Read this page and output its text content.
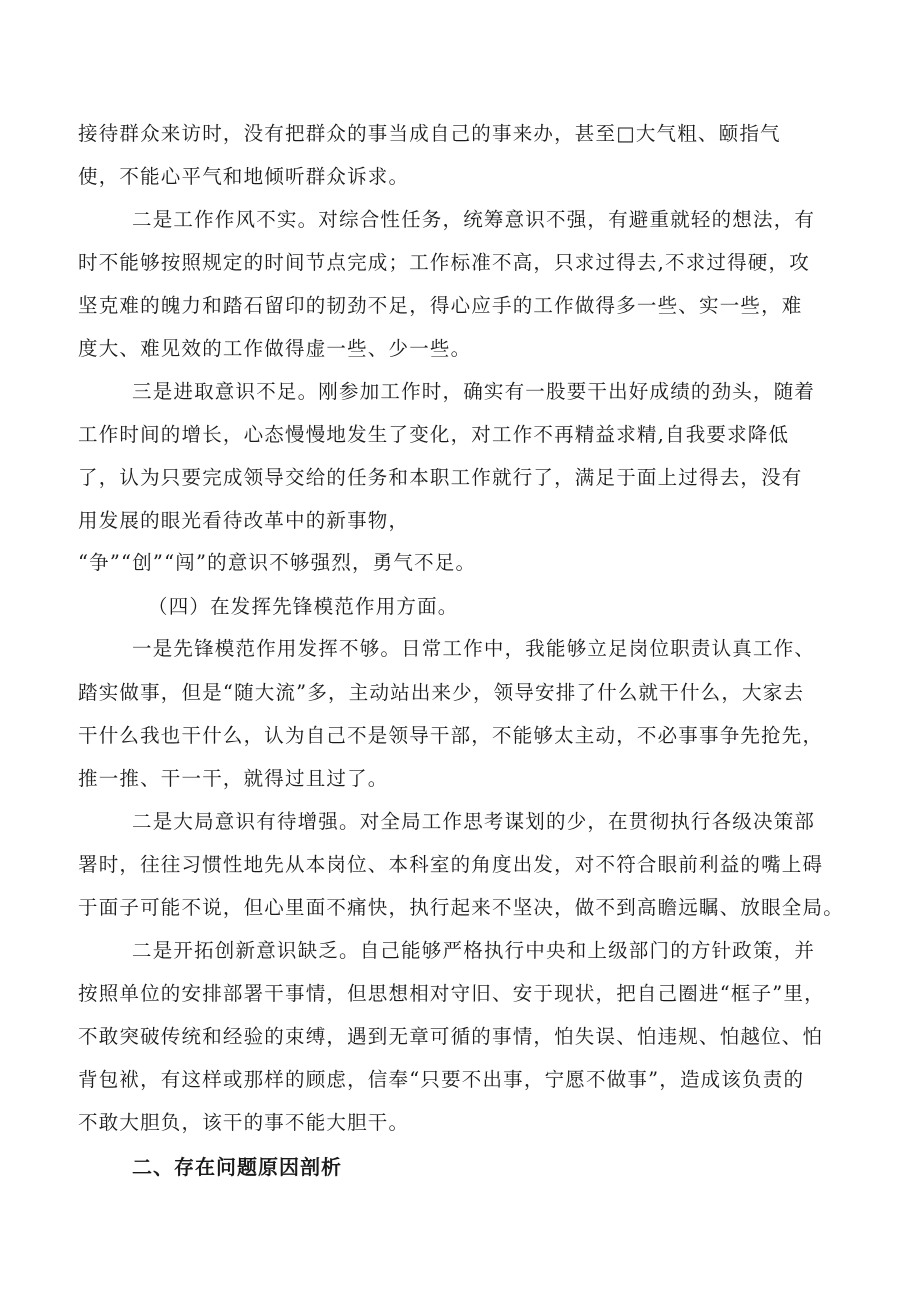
接待群众来访时，没有把群众的事当成自己的事来办，甚至□大气粗、颐指气
使，不能心平气和地倾听群众诉求。
二是工作作风不实。对综合性任务，统筹意识不强，有避重就轻的想法，有
时不能够按照规定的时间节点完成；工作标准不高，只求过得去,不求过得硬，攻
坚克难的魄力和踏石留印的韧劲不足，得心应手的工作做得多一些、实一些，难
度大、难见效的工作做得虚一些、少一些。
三是进取意识不足。刚参加工作时，确实有一股要干出好成绩的劲头，随着
工作时间的增长，心态慢慢地发生了变化，对工作不再精益求精,自我要求降低
了，认为只要完成领导交给的任务和本职工作就行了，满足于面上过得去，没有
用发展的眼光看待改革中的新事物，
“争”“创”“闯”的意识不够强烈，勇气不足。
（四）在发挥先锋模范作用方面。
一是先锋模范作用发挥不够。日常工作中，我能够立足岗位职责认真工作、
踏实做事，但是“随大流”多，主动站出来少，领导安排了什么就干什么，大家去
干什么我也干什么，认为自己不是领导干部，不能够太主动，不必事事争先抢先，
推一推、干一干，就得过且过了。
二是大局意识有待增强。对全局工作思考谋划的少，在贯彻执行各级决策部
署时，往往习惯性地先从本岗位、本科室的角度出发，对不符合眼前利益的嘴上碍
于面子可能不说，但心里面不痛快，执行起来不坚决，做不到高瞻远瞩、放眼全局。
二是开拓创新意识缺乏。自己能够严格执行中央和上级部门的方针政策，并
按照单位的安排部署干事情，但思想相对守旧、安于现状，把自己圈进“框子”里，
不敢突破传统和经验的束缚，遇到无章可循的事情，怕失误、怕违规、怕越位、怕
背包袱，有这样或那样的顾虑，信奉“只要不出事，宁愿不做事”，造成该负责的
不敢大胆负，该干的事不能大胆干。
二、存在问题原因剖析
